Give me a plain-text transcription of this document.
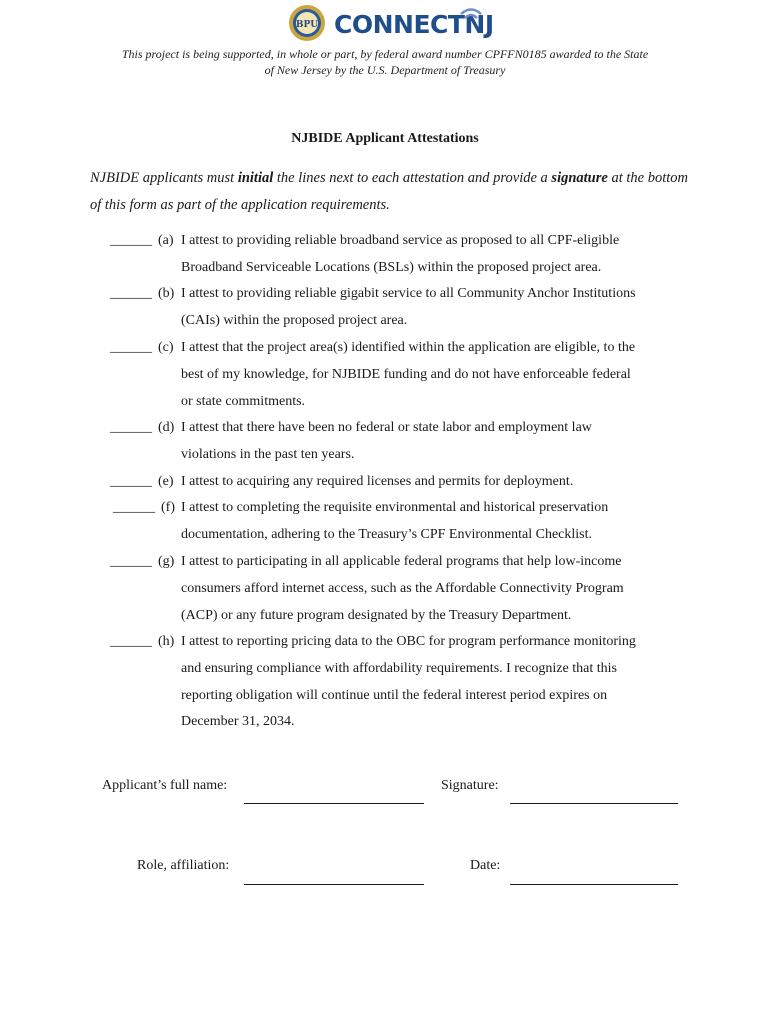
BPU CONNECTNJ
This project is being supported, in whole or part, by federal award number CPFFN0185 awarded to the State
of New Jersey by the U.S. Department of Treasury
NJBIDE Applicant Attestations
NJBIDE applicants must initial the lines next to each attestation and provide a signature at the bottom of this form as part of the application requirements.
______ (a) I attest to providing reliable broadband service as proposed to all CPF-eligible
Broadband Serviceable Locations (BSLs) within the proposed project area.
______ (b) I attest to providing reliable gigabit service to all Community Anchor Institutions
(CAIs) within the proposed project area.
______ (c) I attest that the project area(s) identified within the application are eligible, to the
best of my knowledge, for NJBIDE funding and do not have enforceable federal
or state commitments.
______ (d) I attest that there have been no federal or state labor and employment law
violations in the past ten years.
______ (e) I attest to acquiring any required licenses and permits for deployment.
______ (f) I attest to completing the requisite environmental and historical preservation
documentation, adhering to the Treasury’s CPF Environmental Checklist.
______ (g) I attest to participating in all applicable federal programs that help low-income
consumers afford internet access, such as the Affordable Connectivity Program
(ACP) or any future program designated by the Treasury Department.
______ (h) I attest to reporting pricing data to the OBC for program performance monitoring
and ensuring compliance with affordability requirements. I recognize that this
reporting obligation will continue until the federal interest period expires on
December 31, 2034.
Applicant’s full name:	Signature:
Role, affiliation:	Date:
